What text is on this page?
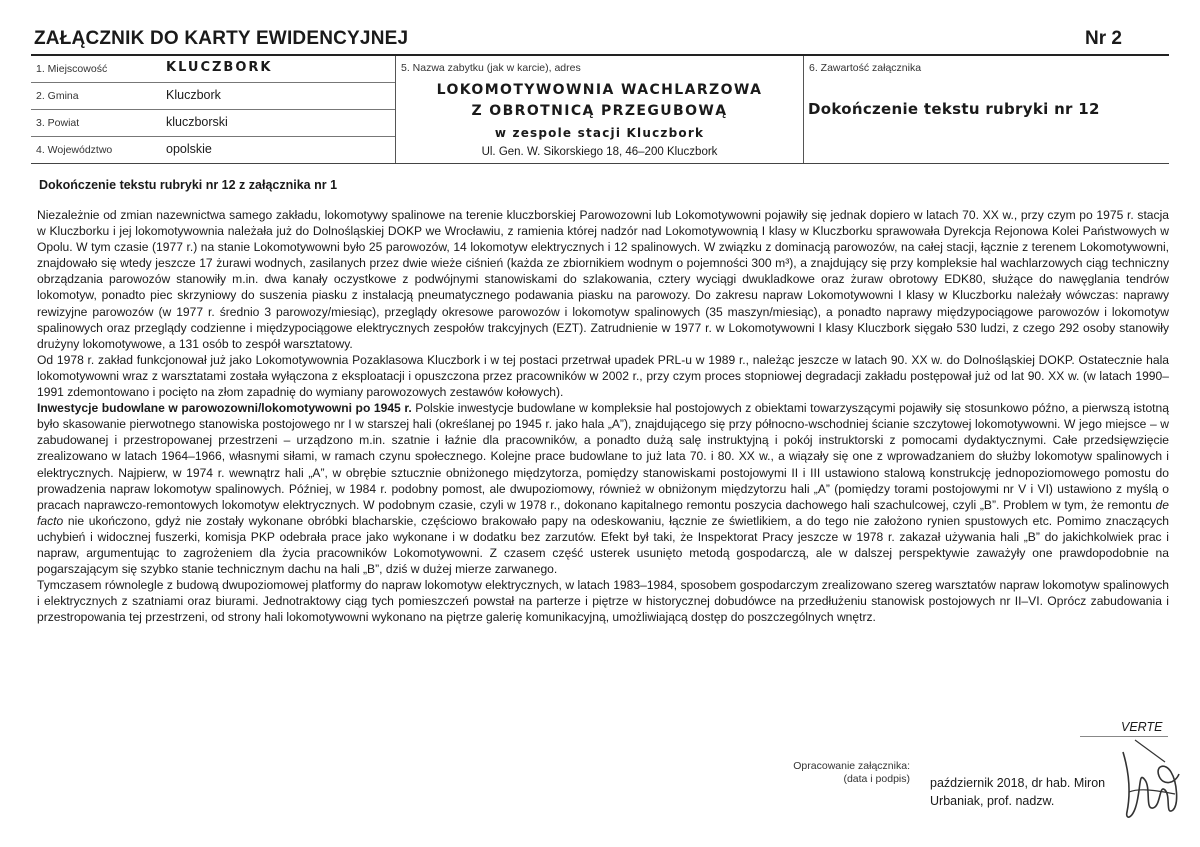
ZAŁĄCZNIK DO KARTY EWIDENCYJNEJ	Nr 2
1. Miejscowość	KLUCZBORK
2. Gmina	Kluczbork
3. Powiat	kluczborski
4. Województwo	opolskie
5. Nazwa zabytku (jak w karcie), adres
LOKOMOTYWOWNIA WACHLARZOWA
Z OBROTNICĄ PRZEGUBOWĄ
w zespole stacji Kluczbork
Ul. Gen. W. Sikorskiego 18, 46–200 Kluczbork
6. Zawartość załącznika
Dokończenie tekstu rubryki nr 12
Dokończenie tekstu rubryki nr 12 z załącznika nr 1

Niezależnie od zmian nazewnictwa samego zakładu, lokomotywy spalinowe na terenie kluczborskiej Parowozowni lub Lokomotywowni pojawiły się jednak dopiero w latach 70. XX w., przy czym po 1975 r. stacja w Kluczborku i jej lokomotywownia należała już do Dolnośląskiej DOKP we Wrocławiu, z ramienia której nadzór nad Lokomotywownią I klasy w Kluczborku sprawowała Dyrekcja Rejonowa Kolei Państwowych w Opolu. W tym czasie (1977 r.) na stanie Lokomotywowni było 25 parowozów, 14 lokomotyw elektrycznych i 12 spalinowych. W związku z dominacją parowozów, na całej stacji, łącznie z terenem Lokomotywowni, znajdowało się wtedy jeszcze 17 żurawi wodnych, zasilanych przez dwie wieże ciśnień (każda ze zbiornikiem wodnym o pojemności 300 m³), a znajdujący się przy kompleksie hal wachlarzowych ciąg techniczny obrządzania parowozów stanowiły m.in. dwa kanały oczystkowe z podwójnymi stanowiskami do szlakowania, cztery wyciągi dwukladkowe oraz żuraw obrotowy EDK80, służące do nawęglania tendrów lokomotyw, ponadto piec skrzyniowy do suszenia piasku z instalacją pneumatycznego podawania piasku na parowozy. Do zakresu napraw Lokomotywowni I klasy w Kluczborku należały wówczas: naprawy rewizyjne parowozów (w 1977 r. średnio 3 parowozy/miesiąc), przeglądy okresowe parowozów i lokomotyw spalinowych (35 maszyn/miesiąc), a ponadto naprawy międzypociągowe parowozów i lokomotyw spalinowych oraz przeglądy codzienne i międzypociągowe elektrycznych zespołów trakcyjnych (EZT). Zatrudnienie w 1977 r. w Lokomotywowni I klasy Kluczbork sięgało 530 ludzi, z czego 292 osoby stanowiły drużyny lokomotywowe, a 131 osób to zespół warsztatowy.

Od 1978 r. zakład funkcjonował już jako Lokomotywownia Pozaklasowa Kluczbork i w tej postaci przetrwał upadek PRL-u w 1989 r., należąc jeszcze w latach 90. XX w. do Dolnośląskiej DOKP. Ostatecznie hala lokomotywowni wraz z warsztatami została wyłączona z eksploatacji i opuszczona przez pracowników w 2002 r., przy czym proces stopniowej degradacji zakładu postępował już od lat 90. XX w. (w latach 1990–1991 zdemontowano i pocięto na złom zapadnię do wymiany parowozowych zestawów kołowych).

Inwestycje budowlane w parowozowni/lokomotywowni po 1945 r. Polskie inwestycje budowlane w kompleksie hal postojowych z obiektami towarzyszącymi pojawiły się stosunkowo późno, a pierwszą istotną było skasowanie pierwotnego stanowiska postojowego nr I w starszej hali (określanej po 1945 r. jako hala „A”), znajdującego się przy północno-wschodniej ścianie szczytowej lokomotywowni. W jego miejsce – w zabudowanej i przestropowanej przestrzeni – urządzono m.in. szatnie i łaźnie dla pracowników, a ponadto dużą salę instruktyjną i pokój instruktorski z pomocami dydaktycznymi. Całe przedsięwzięcie zrealizowano w latach 1964–1966, własnymi siłami, w ramach czynu społecznego. Kolejne prace budowlane to już lata 70. i 80. XX w., a wiązały się one z wprowadzaniem do służby lokomotyw spalinowych i elektrycznych. Najpierw, w 1974 r. wewnątrz hali „A”, w obrębie sztucznie obniżonego międzytorza, pomiędzy stanowiskami postojowymi II i III ustawiono stalową konstrukcję jednopoziomowego pomostu do prowadzenia napraw lokomotyw spalinowych. Później, w 1984 r. podobny pomost, ale dwupoziomowy, również w obniżonym międzytorzu hali „A” (pomiędzy torami postojowymi nr V i VI) ustawiono z myślą o pracach naprawczo-remontowych lokomotyw elektrycznych. W podobnym czasie, czyli w 1978 r., dokonano kapitalnego remontu poszycia dachowego hali szachulcowej, czyli „B”. Problem w tym, że remontu de facto nie ukończono, gdyż nie zostały wykonane obróbki blacharskie, częściowo brakowało papy na odeskowaniu, łącznie ze świetlikiem, a do tego nie założono rynien spustowych etc. Pomimo znaczących uchybień i widocznej fuszerki, komisja PKP odebrała prace jako wykonane i w dodatku bez zarzutów. Efekt był taki, że Inspektorat Pracy jeszcze w 1978 r. zakazał używania hali „B” do jakichkolwiek prac i napraw, argumentując to zagrożeniem dla życia pracowników Lokomotywowni. Z czasem część usterek usunięto metodą gospodarczą, ale w dalszej perspektywie zaważyły one prawdopodobnie na pogarszającym się szybko stanie technicznym dachu na hali „B”, dziś w dużej mierze zarwanego.

Tymczasem równolegle z budową dwupoziomowej platformy do napraw lokomotyw elektrycznych, w latach 1983–1984, sposobem gospodarczym zrealizowano szereg warsztatów napraw lokomotyw spalinowych i elektrycznych z szatniami oraz biurami. Jednotraktowy ciąg tych pomieszczeń powstał na parterze i piętrze w historycznej dobudówce na przedłużeniu stanowisk postojowych nr II–VI. Oprócz zabudowania i przestropowania tej przestrzeni, od strony hali lokomotywowni wykonano na piętrze galerię komunikacyjną, umożliwiającą dostęp do poszczególnych wnętrz.

VERTE
Opracowanie załącznika:
(data i podpis) październik 2018, dr hab. Miron
Urbaniak, prof. nadzw.
